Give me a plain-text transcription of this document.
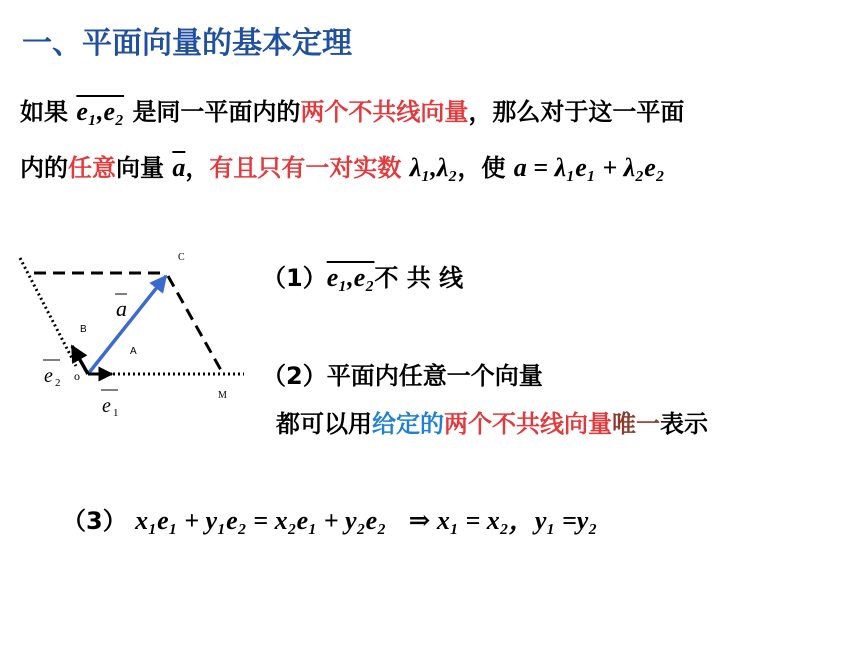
一、平面向量的基本定理
如果 e₁,e₂ 是同一平面内的两个不共线向量，那么对于这一平面
内的任意向量 $\overline{a}$，有且只有一对实数 λ₁,λ₂，使 a = λ₁e₁ + λ₂e₂
C
B
A
M
o
a
e 2
e 1
（1）e₁,e₂不 共 线
（2）平面内任意一个向量
都可以用给定的两个不共线向量唯一表示
（3） x₁e₁ + y₁e₂ = x₂e₁ + y₂e₂ ⇒ x₁ = x₂，y₁ =y₂
